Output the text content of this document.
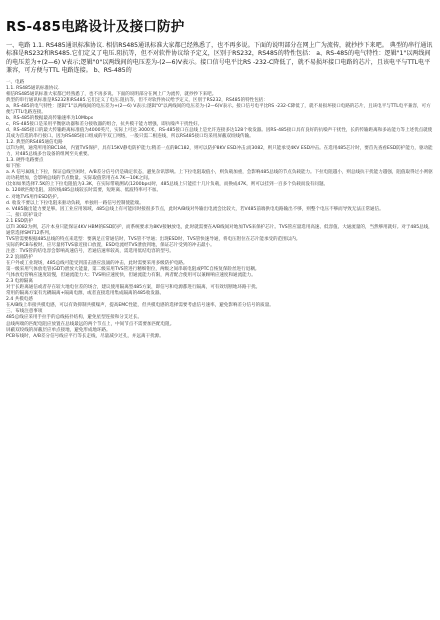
RS-485电路设计及接口防护
一、电路 1.1. RS485通讯标准协议. 相信RS485通讯标准大家都已经熟悉了，也不再多说。下面的说明部分在网上广为流传，就抄抄下来吧。 典型的串行通讯标准是RS232和RS485.它们定义了电压.阻抗等，但不对软件协议给予定义，区别于RS232，RS485的特性包括： a、RS-485的电气特性：逻辑"1"以两线间的电压差为+(2—6) V表示;逻辑"0"以两线间的电压差为-(2—6)V表示。接口信号电平比RS -232-C降低了，就不易损坏接口电路的芯片，且该电平与TTL电平兼容，可方便与TTL 电路连接。 b、RS-485的
一、电路
1.1. RS485通讯标准协议.
相信RS485通讯标准大家都已经熟悉了，也不再多说。下面的说明部分在网上广为流传，就抄抄下来吧。
典型的串行通讯标准是RS232和RS485.它们定义了电压.阻抗等，但不对软件协议给予定义，区别于RS232，RS485的特性包括：
a、RS-485的电气特性：逻辑"1"以两线间的电压差为+(2—6) V表示;逻辑"0"以两线间的电压差为-(2—6)V表示。接口信号电平比RS -232-C降低了，就不易损坏接口电路的芯片，且该电平与TTL电平兼容，可方便与TTL电路连接。
b、RS-485的数据最高传输速率为10Mbps
c、RS-485接口是采用平衡驱动器和差分接收器的组合，抗共模干能力增强，即抗噪声干扰性好。
d、RS-485接口的最大传输距离标准值为4000英尺，实际上可达 3000米，RS-485接口在总线上是允许连接多达128个收发器。因RS-485接口具有良好的抗噪声干扰性，长的传输距离和多站能力等上述优点就使其成为首选的串行接口。因为RS485接口组成的半双工网络，一般只需二根连线，所以RS485接口均采用屏蔽双绞线传输。
1.2. 典型的RS485通信电路
以TI为例，通常所用的BC184，内置TVS保护，具有15KV静电防护能力;稍差一点的BC182，则可以防护8KV ESD冲击;而3082，则只能承受4KV ESD冲击。在选用485芯片时，要首先查看ESD防护能力，驱动能力，对485总线多台设备的组网至关重要。
1.3. 硬件电路要点
如下图：
a. A 信号属线上下拉，保证总线空闲时，A/B差分信号仍是确定状态，避免杂讯影响。上下拉电阻取值小，则负载加重，会影响485总线的节点负载能力。下拉电阻越小，则总线抗干扰能力越强，阻值取得过小则驱动功耗增加，会影响总线的节点数量。实际取值常用在4.7K—10K之间。
(比如如果选择7.5K的上下拉电阻值为3.3K，在实际带载测试(1200bps)时，485总线上只能挂十几片负载，而换成47K，则可以挂到一百多个负载而没有问题。
b. 120欧匹配电阻，双绞线485总线较长时需要，短距离、低波特率可不加。
c. 对地TVS用作ESD防护。
d. 收发不要以上下拉电阻来驱动负载，单独用一路信号控制使能端。
e. V485输出能力要足够。因工业应用领域，485总线上有可能同时接很多节点，此时A/B线对外输出电流会比较大，若V485前端供电电路输出不够，则整个电压不够而导致无法正常通信。
二、接口防护设计
2.1 ESD防护
以TI 3082为例，芯片本身只能保证4KV HBM的ESD防护，而系统要求为8KV接触放电，此时就需要在A/B线间对地加TVS来保护芯片。TVS管应量选用高速、低容值、大通流量的，当然够用就好。对于485总线，通常选择SM712系列。
TVS管需要根据485总线的特点来选型：要满足正常通信时，TVS管不导通；出现ESD时，TVS管快速导通，将电压钳位在芯片能承受的范围以内。
实际的PCB布板时，应尽量将TVS靠近接口放置，ESD电流经TVS泄放到地，保证芯片受到的冲击最小。
注意：TVS管的结电容会影响高速信号，若通信速率较高，需选用低结电容的型号。
2.2 浪涌防护
在户外或工业现场，485总线可能受到雷击感应浪涌的冲击，此时需要采用多级防护电路。
第一级采用气体放电管(GDT)泄放大能量，第二级采用TVS管进行精细钳位，两级之间串联电阻或PTC自恢复保险丝进行退耦。
气体放电管响应速度较慢，但通流能力大；TVS响应速度快，但通流能力有限，两者配合使用可以兼顾响应速度和通流能力。
2.3 电源隔离
对于长距离通信或者存在较大地电位差的场合，建议使用隔离型485方案，即信号和电源都进行隔离，可有效切断地环路干扰。
常用的隔离方案有光耦隔离+隔离电源，或者直接选用集成隔离的485收发器。
2.4 共模电感
在A/B线上串接共模电感，可以有效抑制共模噪声，提高EMC性能，但共模电感的选择需要考虑信号速率，避免影响差分信号的质量。
三、布线注意事项
485总线应采用手拉手的总线拓扑结构，避免星型连接和分支过长。
总线两端的匹配电阻应放置在总线最远的两个节点上，中间节点不需要加匹配电阻。
屏蔽双绞线的屏蔽层应单点接地，避免形成地环路。
PCB布线时，A/B差分信号线应平行等长走线，尽量减少过孔，并远离干扰源。
